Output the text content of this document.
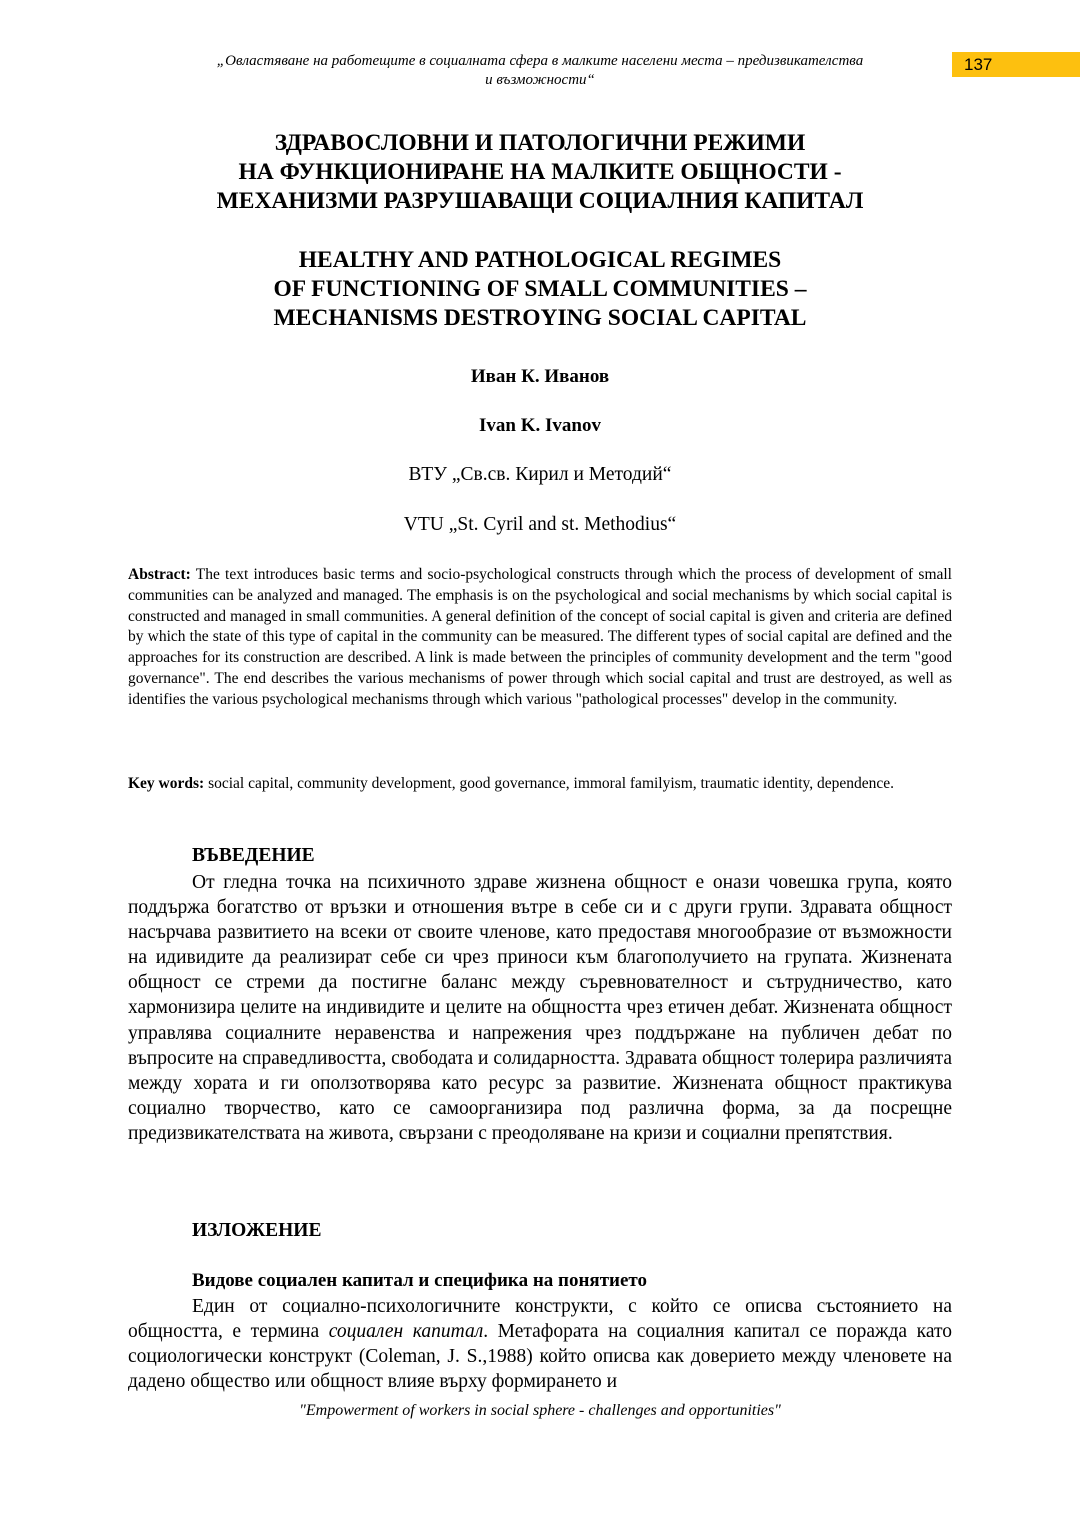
„Овластяване на работещите в социалната сфера в малките населени места – предизвикателства
и възможности“
137
ЗДРАВОСЛОВНИ И ПАТОЛОГИЧНИ РЕЖИМИ
НА ФУНКЦИОНИРАНЕ НА МАЛКИТЕ ОБЩНОСТИ -
МЕХАНИЗМИ РАЗРУШАВАЩИ СОЦИАЛНИЯ КАПИТАЛ
HEALTHY AND PATHOLOGICAL REGIMES
OF FUNCTIONING OF SMALL COMMUNITIES –
MECHANISMS DESTROYING SOCIAL CAPITAL
Иван К. Иванов
Ivan K. Ivanov
ВТУ „Св.св. Кирил и Методий“
VTU „St. Cyril and st. Methodius“
Abstract: The text introduces basic terms and socio-psychological constructs through which the process of development of small communities can be analyzed and managed. The emphasis is on the psychological and social mechanisms by which social capital is constructed and managed in small communities. A general definition of the concept of social capital is given and criteria are defined by which the state of this type of capital in the community can be measured. The different types of social capital are defined and the approaches for its construction are described. A link is made between the principles of community development and the term "good governance". The end describes the various mechanisms of power through which social capital and trust are destroyed, as well as identifies the various psychological mechanisms through which various "pathological processes" develop in the community.
Key words: social capital, community development, good governance, immoral familyism, traumatic identity, dependence.
ВЪВЕДЕНИЕ
От гледна точка на психичното здраве жизнена общност е онази човешка група, която поддържа богатство от връзки и отношения вътре в себе си и с други групи. Здравата общност насърчава развитието на всеки от своите членове, като предоставя многообразие от възможности на идивидите да реализират себе си чрез приноси към благополучието на групата. Жизнената общност се стреми да постигне баланс между съревнователност и сътрудничество, като хармонизира целите на индивидите и целите на общността чрез етичен дебат. Жизнената общност управлява социалните неравенства и напрежения чрез поддържане на публичен дебат по въпросите на справедливостта, свободата и солидарността. Здравата общност толерира различията между хората и ги оползотворява като ресурс за развитие. Жизнената общност практикува социално творчество, като се самоорганизира под различна форма, за да посрещне предизвикателствата на живота, свързани с преодоляване на кризи и социални препятствия.
ИЗЛОЖЕНИЕ
Видове социален капитал и специфика на понятието
Един от социално-психологичните конструкти, с който се описва състоянието на общността, е термина социален капитал. Метафората на социалния капитал се поражда като социологически конструкт (Coleman, J. S.,1988) който описва как доверието между членовете на дадено общество или общност влияе върху формирането и
"Empowerment of workers in social sphere - challenges and opportunities"
